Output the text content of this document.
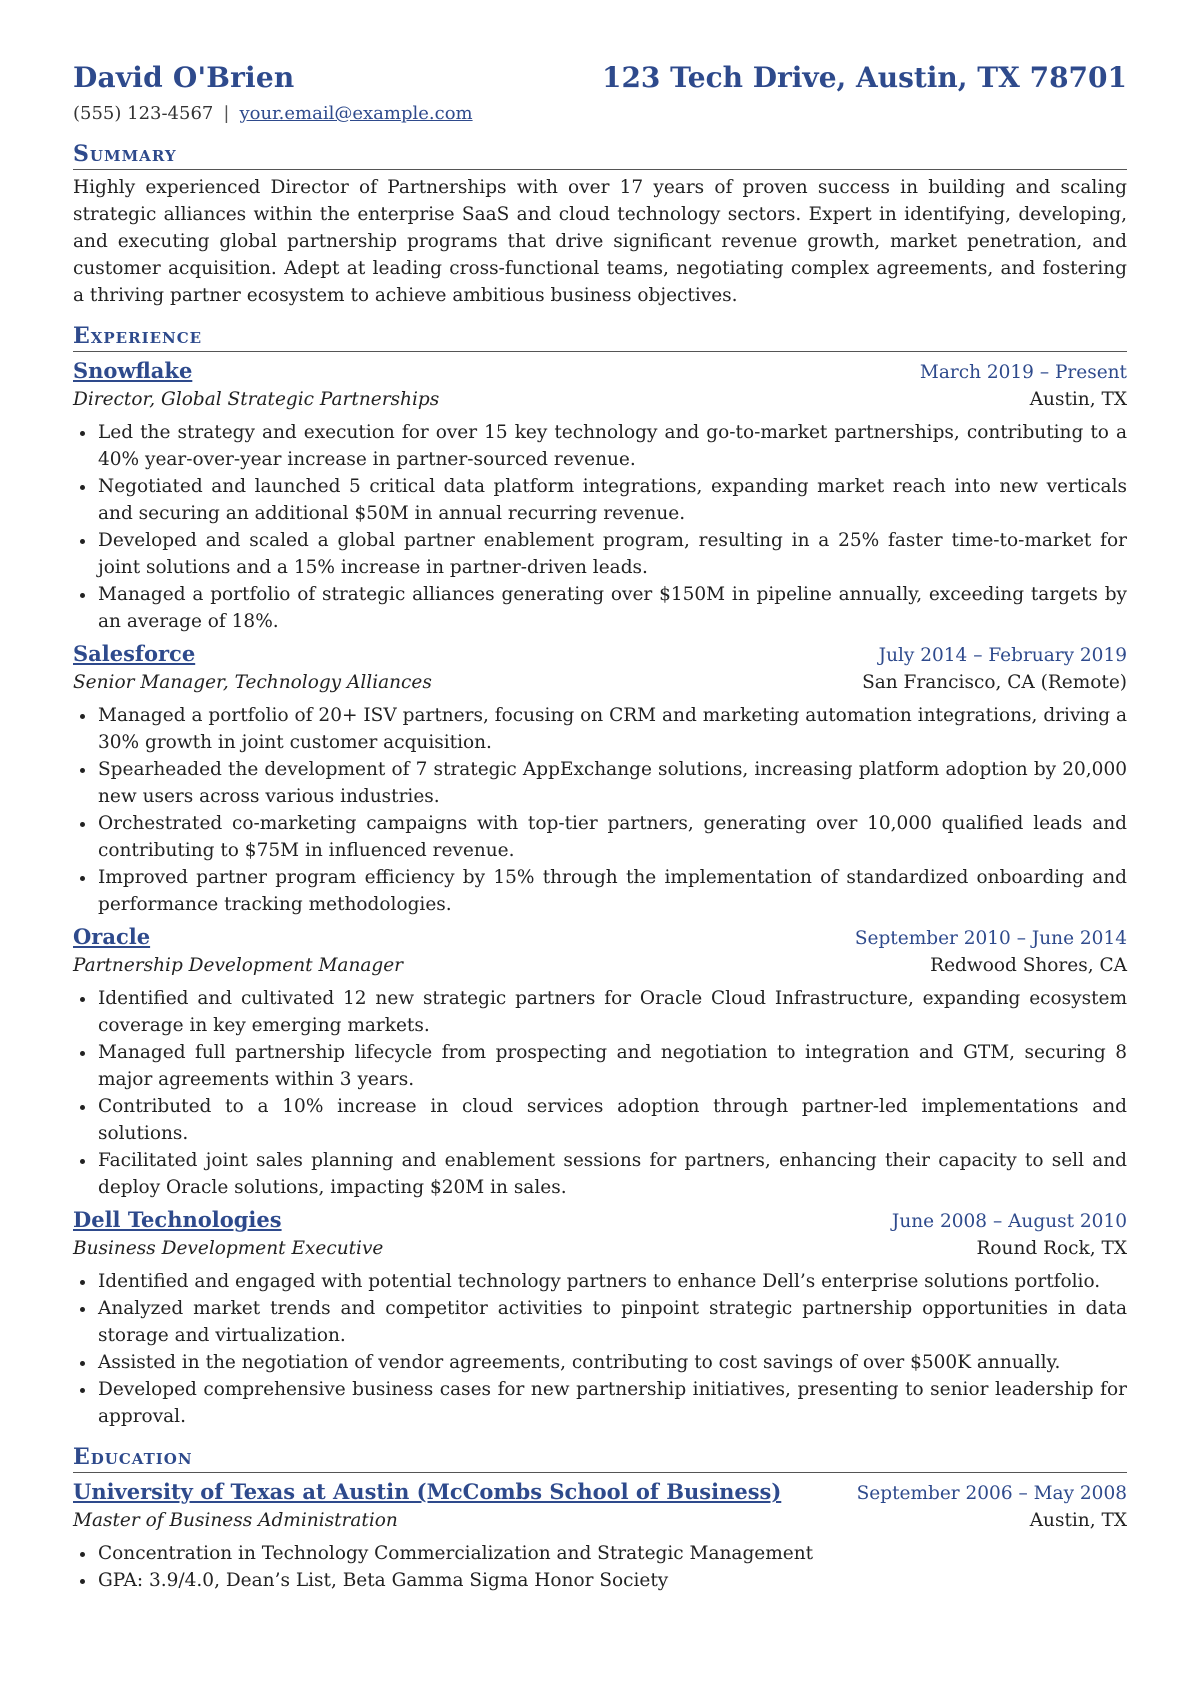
David O'Brien	123 Tech Drive, Austin, TX 78701
(555) 123-4567 | your.email@example.com
Summary
Highly experienced Director of Partnerships with over 17 years of proven success in building and scaling strategic alliances within the enterprise SaaS and cloud technology sectors. Expert in identifying, developing, and executing global partnership programs that drive significant revenue growth, market penetration, and customer acquisition. Adept at leading cross-functional teams, negotiating complex agreements, and fostering a thriving partner ecosystem to achieve ambitious business objectives.
Experience
Snowflake	March 2019 – Present
Director, Global Strategic Partnerships	Austin, TX
• Led the strategy and execution for over 15 key technology and go-to-market partnerships, contributing to a 40% year-over-year increase in partner-sourced revenue.
• Negotiated and launched 5 critical data platform integrations, expanding market reach into new verticals and securing an additional $50M in annual recurring revenue.
• Developed and scaled a global partner enablement program, resulting in a 25% faster time-to-market for joint solutions and a 15% increase in partner-driven leads.
• Managed a portfolio of strategic alliances generating over $150M in pipeline annually, exceeding targets by an average of 18%.
Salesforce	July 2014 – February 2019
Senior Manager, Technology Alliances	San Francisco, CA (Remote)
• Managed a portfolio of 20+ ISV partners, focusing on CRM and marketing automation integrations, driving a 30% growth in joint customer acquisition.
• Spearheaded the development of 7 strategic AppExchange solutions, increasing platform adoption by 20,000 new users across various industries.
• Orchestrated co-marketing campaigns with top-tier partners, generating over 10,000 qualified leads and contributing to $75M in influenced revenue.
• Improved partner program efficiency by 15% through the implementation of standardized onboarding and performance tracking methodologies.
Oracle	September 2010 – June 2014
Partnership Development Manager	Redwood Shores, CA
• Identified and cultivated 12 new strategic partners for Oracle Cloud Infrastructure, expanding ecosystem coverage in key emerging markets.
• Managed full partnership lifecycle from prospecting and negotiation to integration and GTM, securing 8 major agreements within 3 years.
• Contributed to a 10% increase in cloud services adoption through partner-led implementations and solutions.
• Facilitated joint sales planning and enablement sessions for partners, enhancing their capacity to sell and deploy Oracle solutions, impacting $20M in sales.
Dell Technologies	June 2008 – August 2010
Business Development Executive	Round Rock, TX
• Identified and engaged with potential technology partners to enhance Dell’s enterprise solutions portfolio.
• Analyzed market trends and competitor activities to pinpoint strategic partnership opportunities in data storage and virtualization.
• Assisted in the negotiation of vendor agreements, contributing to cost savings of over $500K annually.
• Developed comprehensive business cases for new partnership initiatives, presenting to senior leadership for approval.
Education
University of Texas at Austin (McCombs School of Business)	September 2006 – May 2008
Master of Business Administration	Austin, TX
• Concentration in Technology Commercialization and Strategic Management
• GPA: 3.9/4.0, Dean’s List, Beta Gamma Sigma Honor Society
